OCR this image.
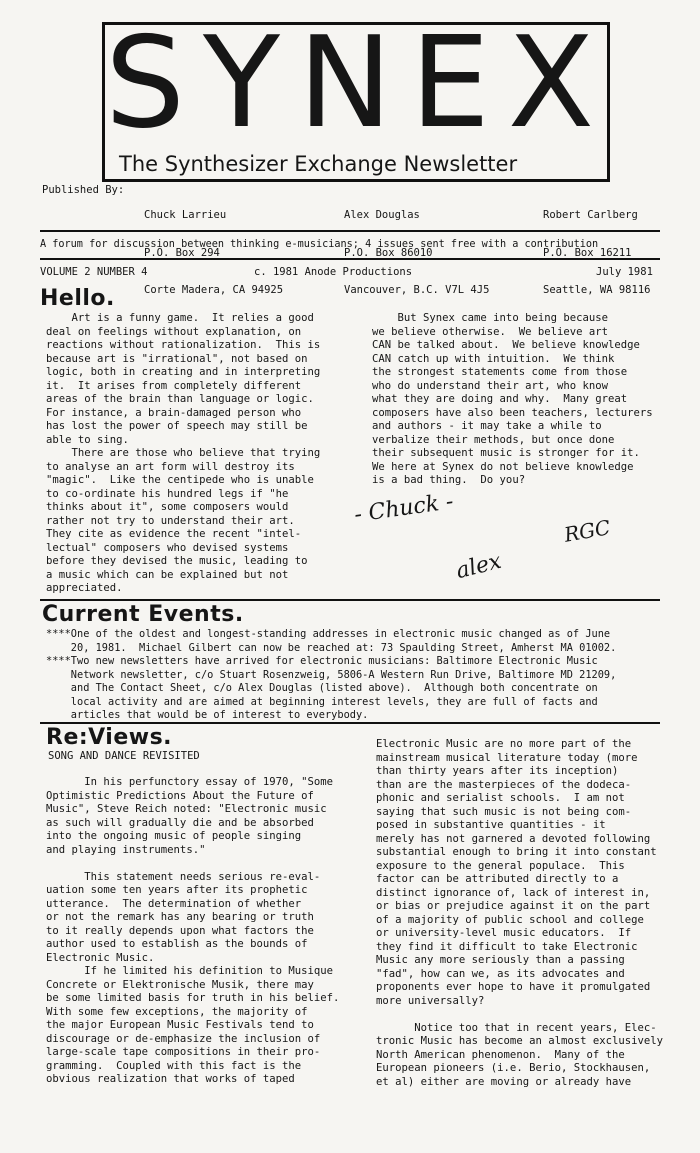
SYNEX
The Synthesizer Exchange Newsletter
Published By:

Chuck Larrieu

P.O. Box 294

Corte Madera, CA 94925

Alex Douglas

P.O. Box 86010

Vancouver, B.C. V7L 4J5

Robert Carlberg

P.O. Box 16211

Seattle, WA 98116

A forum for discussion between thinking e-musicians; 4 issues sent free with a contribution
VOLUME 2 NUMBER 4	c. 1981 Anode Productions	July 1981
Hello.
Art is a funny game.  It relies a good
deal on feelings without explanation, on
reactions without rationalization.  This is
because art is "irrational", not based on
logic, both in creating and in interpreting
it.  It arises from completely different
areas of the brain than language or logic.
For instance, a brain-damaged person who
has lost the power of speech may still be
able to sing.
There are those who believe that trying
to analyse an art form will destroy its
"magic".  Like the centipede who is unable
to co-ordinate his hundred legs if "he
thinks about it", some composers would
rather not try to understand their art.
They cite as evidence the recent "intel-
lectual" composers who devised systems
before they devised the music, leading to
a music which can be explained but not
appreciated.
But Synex came into being because
we believe otherwise.  We believe art
CAN be talked about.  We believe knowledge
CAN catch up with intuition.  We think
the strongest statements come from those
who do understand their art, who know
what they are doing and why.  Many great
composers have also been teachers, lecturers
and authors - it may take a while to
verbalize their methods, but once done
their subsequent music is stronger for it.
We here at Synex do not believe knowledge
is a bad thing.  Do you?
- Chuck -
RGC
alex
Current Events.
****One of the oldest and longest-standing addresses in electronic music changed as of June
20, 1981.  Michael Gilbert can now be reached at: 73 Spaulding Street, Amherst MA 01002.
****Two new newsletters have arrived for electronic musicians: Baltimore Electronic Music
Network newsletter, c/o Stuart Rosenzweig, 5806-A Western Run Drive, Baltimore MD 21209,
and The Contact Sheet, c/o Alex Douglas (listed above).  Although both concentrate on
local activity and are aimed at beginning interest levels, they are full of facts and
articles that would be of interest to everybody.
Re:Views.
SONG AND DANCE REVISITED
In his perfunctory essay of 1970, "Some
Optimistic Predictions About the Future of
Music", Steve Reich noted: "Electronic music
as such will gradually die and be absorbed
into the ongoing music of people singing
and playing instruments."

This statement needs serious re-eval-
uation some ten years after its prophetic
utterance.  The determination of whether
or not the remark has any bearing or truth
to it really depends upon what factors the
author used to establish as the bounds of
Electronic Music.
If he limited his definition to Musique
Concrete or Elektronische Musik, there may
be some limited basis for truth in his belief.
With some few exceptions, the majority of
the major European Music Festivals tend to
discourage or de-emphasize the inclusion of
large-scale tape compositions in their pro-
gramming.  Coupled with this fact is the
obvious realization that works of taped
Electronic Music are no more part of the
mainstream musical literature today (more
than thirty years after its inception)
than are the masterpieces of the dodeca-
phonic and serialist schools.  I am not
saying that such music is not being com-
posed in substantive quantities - it
merely has not garnered a devoted following
substantial enough to bring it into constant
exposure to the general populace.  This
factor can be attributed directly to a
distinct ignorance of, lack of interest in,
or bias or prejudice against it on the part
of a majority of public school and college
or university-level music educators.  If
they find it difficult to take Electronic
Music any more seriously than a passing
"fad", how can we, as its advocates and
proponents ever hope to have it promulgated
more universally?

Notice too that in recent years, Elec-
tronic Music has become an almost exclusively
North American phenomenon.  Many of the
European pioneers (i.e. Berio, Stockhausen,
et al) either are moving or already have
